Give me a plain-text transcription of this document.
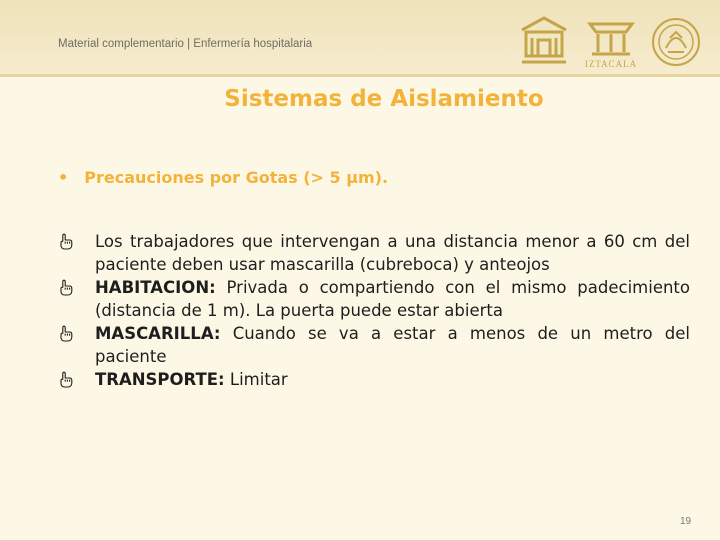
Material complementario | Enfermería hospitalaria
IZTACALA
Sistemas de Aislamiento
• Precauciones por Gotas (> 5 µm).
Los trabajadores que intervengan a una distancia menor a 60 cm del paciente deben usar mascarilla (cubreboca) y anteojos
HABITACION: Privada o compartiendo con el mismo padecimiento (distancia de 1 m). La puerta puede estar abierta
MASCARILLA: Cuando se va a estar a menos de un metro del paciente
TRANSPORTE: Limitar
19
